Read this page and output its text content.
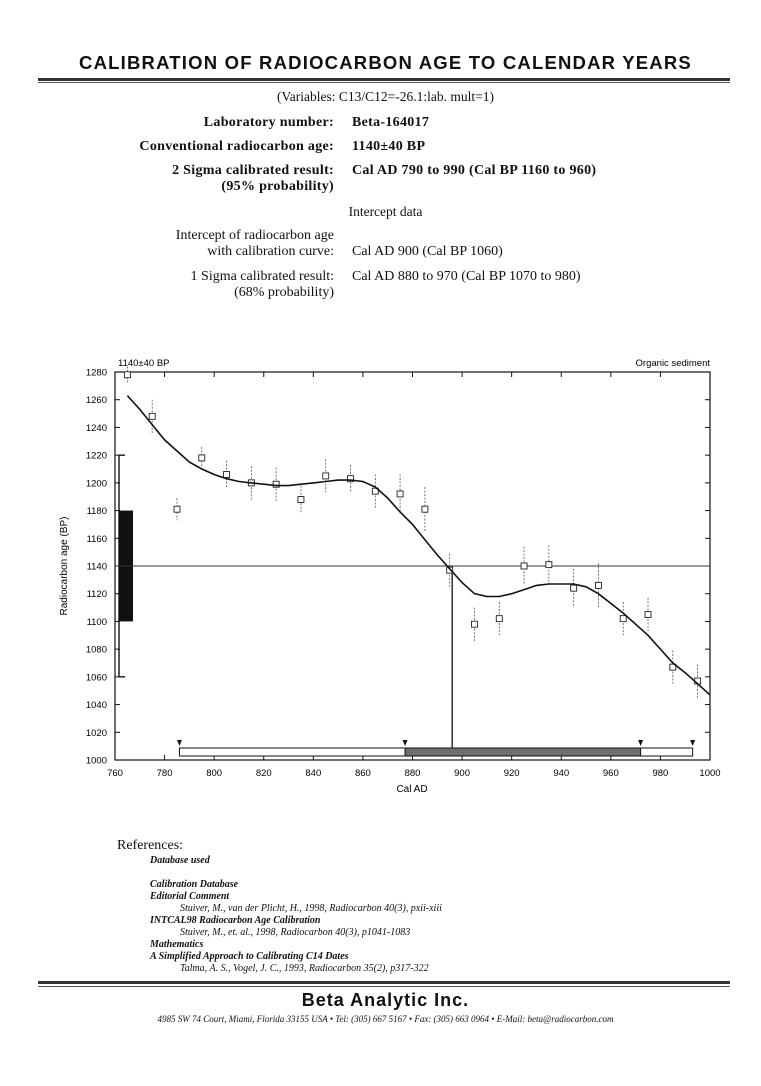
CALIBRATION OF RADIOCARBON AGE TO CALENDAR YEARS
(Variables: C13/C12=-26.1:lab. mult=1)
Laboratory number: Beta-164017
Conventional radiocarbon age: 1140±40 BP
2 Sigma calibrated result:
(95% probability)
Cal AD 790 to 990 (Cal BP 1160 to 960)
Intercept data
Intercept of radiocarbon age
with calibration curve: Cal AD 900 (Cal BP 1060)
1 Sigma calibrated result:
(68% probability)
Cal AD 880 to 970 (Cal BP 1070 to 980)
1140±40 BP	Organic sediment
Cal AD
Radiocarbon age (BP)
1000
1020
1040
1060
1080
1100
1120
1140
1160
1180
1200
1220
1240
1260
1280
760	780	800	820	840	860	880	900	920	940	960	980	1000
References:
Database used
Calibration Database
Editorial Comment
Stuiver, M., van der Plicht, H., 1998, Radiocarbon 40(3), pxii-xiii
INTCAL98 Radiocarbon Age Calibration
Stuiver, M., et. al., 1998, Radiocarbon 40(3), p1041-1083
Mathematics
A Simplified Approach to Calibrating C14 Dates
Talma, A. S., Vogel, J. C., 1993, Radiocarbon 35(2), p317-322
Beta Analytic Inc.
4985 SW 74 Court, Miami, Florida 33155 USA • Tel: (305) 667 5167 • Fax: (305) 663 0964 • E-Mail: beta@radiocarbon.com
